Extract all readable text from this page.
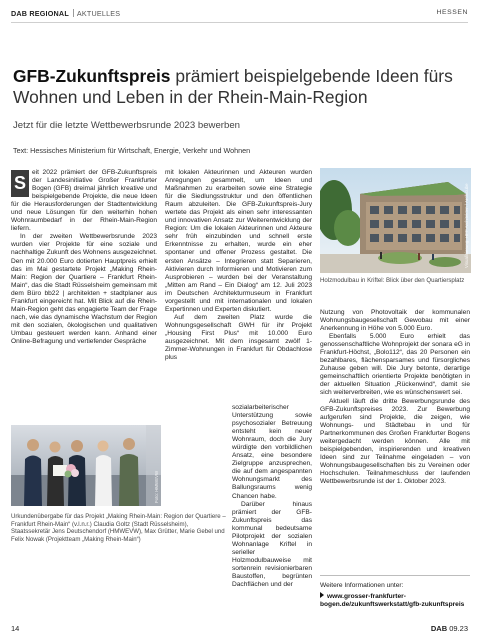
DAB REGIONAL AKTUELLES	HESSEN
GFB-Zukunftspreis prämiert beispielgebende Ideen fürs Wohnen und Leben in der Rhein-Main-Region
Jetzt für die letzte Wettbewerbsrunde 2023 bewerben
Text: Hessisches Ministerium für Wirtschaft, Energie, Verkehr und Wohnen

S
eit 2022 prämiert der GFB-Zukunftspreis der Landesinitiative Großer Frankfurter Bogen (GFB) dreimal jährlich kreative und beispielgebende Projekte, die neue Ideen für die Herausforderungen der Stadtentwicklung und neue Lösungen für den weiterhin hohen Wohnraumbedarf in der Rhein-Main-Region liefern.

In der zweiten Wettbewerbsrunde 2023 wurden vier Projekte für eine soziale und nachhaltige Zukunft des Wohnens ausgezeichnet. Den mit 20.000 Euro dotierten Hauptpreis erhielt das im Mai gestartete Projekt „Making Rhein-Main: Region der Quartiere – Frankfurt Rhein-Main“, das die Stadt Rüsselsheim gemeinsam mit dem Büro bb22 | architekten + stadtplaner aus Frankfurt eingereicht hat. Mit Blick auf die Rhein-Main-Region geht das engagierte Team der Frage nach, wie das dynamische Wachstum der Region mit den sozialen, ökologischen und qualitativen Umbau gesteuert werden kann. Anhand einer Online-Befragung und vertiefender Gespräche

Foto: HMWEVW
Urkundenübergabe für das Projekt „Making Rhein-Main: Region der Quartiere – Frankfurt Rhein-Main“ (v.l.n.r.) Claudia Goltz (Stadt Rüsselsheim), Staatssekretär Jens Deutschendorf (HMWEVW), Max Grütter, Marie Gebel und Felix Nowak (Projektteam „Making Rhein-Main“)

mit lokalen Akteurinnen und Akteuren wurden Anregungen gesammelt, um Ideen und Maßnahmen zu erarbeiten sowie eine Strategie für die Siedlungsstruktur und den öffentlichen Raum abzuleiten. Die GFB-Zukunftspreis-Jury wertete das Projekt als einen sehr interessanten und innovativen Ansatz zur Weiterentwicklung der Region: Um die lokalen Akteurinnen und Akteure sehr früh einzubinden und schnell erste Erkenntnisse zu erhalten, wurde ein eher spontaner und offener Prozess gestaltet. Die ersten Ansätze – Integrieren statt Separieren, Aktivieren durch Informieren und Motivieren zum Ausprobieren – wurden bei der Veranstaltung „Mitten am Rand – Ein Dialog“ am 12. Juli 2023 im Deutschen Architekturmuseum in Frankfurt vorgestellt und mit internationalen und lokalen Expertinnen und Experten diskutiert.

Auf dem zweiten Platz wurde die Wohnungsgesellschaft GWH für ihr Projekt „Housing First Plus“ mit 10.000 Euro ausgezeichnet. Mit dem insgesamt zwölf 1-Zimmer-Wohnungen in Frankfurt für Obdachlose plus

sozialarbeiterischer Unterstützung sowie psychosozialer Betreuung entsteht kein neuer Wohnraum, doch die Jury würdigte den vorbildlichen Ansatz, eine besondere Zielgruppe anzusprechen, die auf dem angespannten Wohnungsmarkt des Ballungsraums wenig Chancen habe.

Darüber hinaus prämiert der GFB-Zukunftspreis das kommunal bedeutsame Pilotprojekt der sozialen Wohnanlage Kriftel in serieller Holzmodulbauweise mit sortenrein revisionierbaren Baustoffen, begrünten Dachflächen und der

Visualisierung: HPP Architekten / Archicube
Holzmodulbau in Kriftel: Blick über den Quartiersplatz

Nutzung von Photovoltaik der kommunalen Wohnungsbaugesellschaft Gewobau mit einer Anerkennung in Höhe von 5.000 Euro.

Ebenfalls 5.000 Euro erhielt das genossenschaftliche Wohnprojekt der sonara eG in Frankfurt-Höchst, „Bolo112“, das 20 Personen ein bezahlbares, flächensparsames und fürsorgliches Zuhause geben will. Die Jury betonte, derartige gemeinschaftlich orientierte Projekte benötigten in der aktuellen Situation „Rückenwind“, damit sie sich weiterverbreiten, wie es wünschenswert sei.

Aktuell läuft die dritte Bewerbungsrunde des GFB-Zukunftspreises 2023. Zur Bewerbung aufgerufen sind Projekte, die zeigen, wie Wohnungs- und Städtebau in und für Partnerkommunen des Großen Frankfurter Bogens weitergedacht werden können. Alle mit beispielgebenden, inspirierenden und kreativen Ideen sind zur Teilnahme eingeladen – von Wohnungsbaugesellschaften bis zu Vereinen oder Hochschulen. Teilnahmeschluss der laufenden Wettbewerbsrunde ist der 1. Oktober 2023.

Weitere Informationen unter:
www.grosser-frankfurter-bogen.de/zukunftswerkstatt/gfb-zukunftspreis
14	DAB 09.23
